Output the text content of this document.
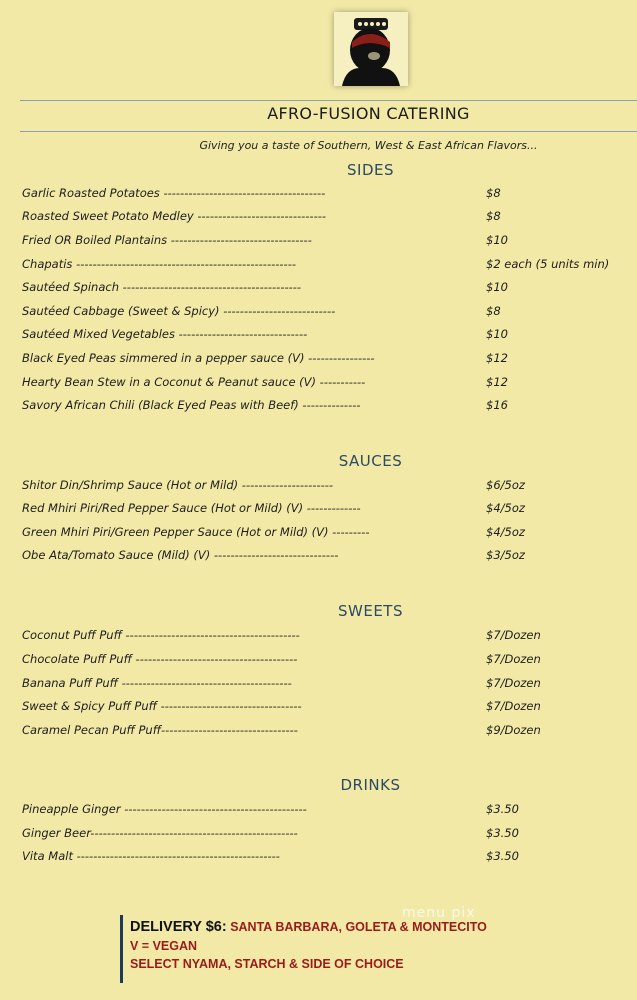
AFRO-FUSION CATERING
Giving you a taste of Southern, West & East African Flavors...
SIDES
Garlic Roasted Potatoes ---------------------------------------	$8
Roasted Sweet Potato Medley -------------------------------	$8
Fried OR Boiled Plantains ----------------------------------	$10
Chapatis -----------------------------------------------------	$2 each (5 units min)
Sautéed Spinach -------------------------------------------	$10
Sautéed Cabbage (Sweet & Spicy) ---------------------------	$8
Sautéed Mixed Vegetables -------------------------------	$10
Black Eyed Peas simmered in a pepper sauce (V) ----------------	$12
Hearty Bean Stew in a Coconut & Peanut sauce (V) -----------	$12
Savory African Chili (Black Eyed Peas with Beef) --------------	$16
SAUCES
Shitor Din/Shrimp Sauce (Hot or Mild) ----------------------	$6/5oz
Red Mhiri Piri/Red Pepper Sauce (Hot or Mild) (V) -------------	$4/5oz
Green Mhiri Piri/Green Pepper Sauce (Hot or Mild) (V) ---------	$4/5oz
Obe Ata/Tomato Sauce (Mild) (V) ------------------------------	$3/5oz
SWEETS
Coconut Puff Puff ------------------------------------------	$7/Dozen
Chocolate Puff Puff ---------------------------------------	$7/Dozen
Banana Puff Puff -----------------------------------------	$7/Dozen
Sweet & Spicy Puff Puff ----------------------------------	$7/Dozen
Caramel Pecan Puff Puff---------------------------------	$9/Dozen
DRINKS
Pineapple Ginger --------------------------------------------	$3.50
Ginger Beer--------------------------------------------------	$3.50
Vita Malt -------------------------------------------------	$3.50
menu pix
DELIVERY $6: SANTA BARBARA, GOLETA & MONTECITO
V = VEGAN
SELECT NYAMA, STARCH & SIDE OF CHOICE
